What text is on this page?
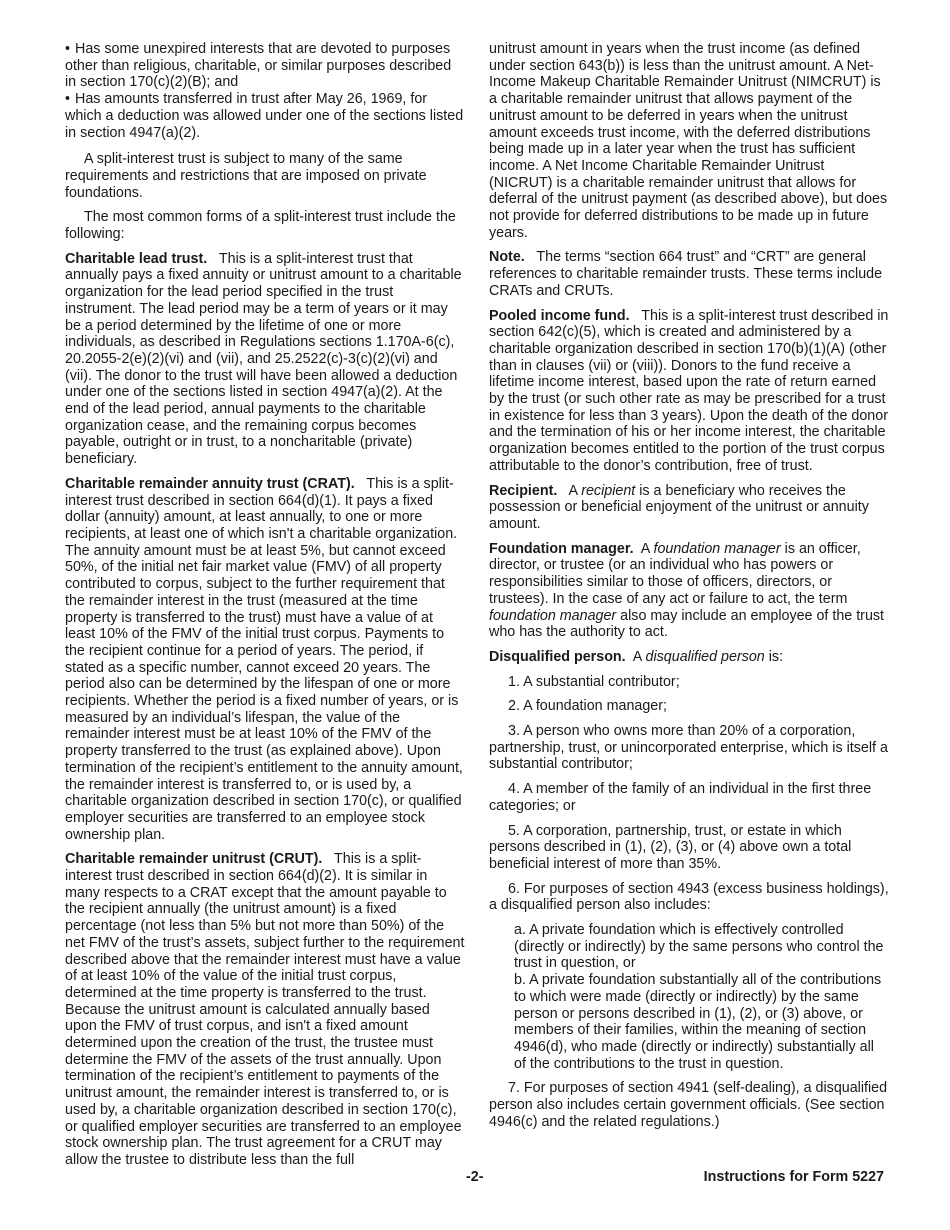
• Has some unexpired interests that are devoted to purposes other than religious, charitable, or similar purposes described in section 170(c)(2)(B); and

• Has amounts transferred in trust after May 26, 1969, for which a deduction was allowed under one of the sections listed in section 4947(a)(2).

A split-interest trust is subject to many of the same requirements and restrictions that are imposed on private foundations.

The most common forms of a split-interest trust include the following:

Charitable lead trust. This is a split-interest trust that annually pays a fixed annuity or unitrust amount to a charitable organization for the lead period specified in the trust instrument. The lead period may be a term of years or it may be a period determined by the lifetime of one or more individuals, as described in Regulations sections 1.170A-6(c), 20.2055-2(e)(2)(vi) and (vii), and 25.2522(c)-3(c)(2)(vi) and (vii). The donor to the trust will have been allowed a deduction under one of the sections listed in section 4947(a)(2). At the end of the lead period, annual payments to the charitable organization cease, and the remaining corpus becomes payable, outright or in trust, to a noncharitable (private) beneficiary.

Charitable remainder annuity trust (CRAT). This is a split-interest trust described in section 664(d)(1). It pays a fixed dollar (annuity) amount, at least annually, to one or more recipients, at least one of which isn't a charitable organization. The annuity amount must be at least 5%, but cannot exceed 50%, of the initial net fair market value (FMV) of all property contributed to corpus, subject to the further requirement that the remainder interest in the trust (measured at the time property is transferred to the trust) must have a value of at least 10% of the FMV of the initial trust corpus. Payments to the recipient continue for a period of years. The period, if stated as a specific number, cannot exceed 20 years. The period also can be determined by the lifespan of one or more recipients. Whether the period is a fixed number of years, or is measured by an individual’s lifespan, the value of the remainder interest must be at least 10% of the FMV of the property transferred to the trust (as explained above). Upon termination of the recipient’s entitlement to the annuity amount, the remainder interest is transferred to, or is used by, a charitable organization described in section 170(c), or qualified employer securities are transferred to an employee stock ownership plan.

Charitable remainder unitrust (CRUT). This is a split-interest trust described in section 664(d)(2). It is similar in many respects to a CRAT except that the amount payable to the recipient annually (the unitrust amount) is a fixed percentage (not less than 5% but not more than 50%) of the net FMV of the trust’s assets, subject further to the requirement described above that the remainder interest must have a value of at least 10% of the value of the initial trust corpus, determined at the time property is transferred to the trust. Because the unitrust amount is calculated annually based upon the FMV of trust corpus, and isn't a fixed amount determined upon the creation of the trust, the trustee must determine the FMV of the assets of the trust annually. Upon termination of the recipient’s entitlement to payments of the unitrust amount, the remainder interest is transferred to, or is used by, a charitable organization described in section 170(c), or qualified employer securities are transferred to an employee stock ownership plan. The trust agreement for a CRUT may allow the trustee to distribute less than the full

unitrust amount in years when the trust income (as defined under section 643(b)) is less than the unitrust amount. A Net-Income Makeup Charitable Remainder Unitrust (NIMCRUT) is a charitable remainder unitrust that allows payment of the unitrust amount to be deferred in years when the unitrust amount exceeds trust income, with the deferred distributions being made up in a later year when the trust has sufficient income. A Net Income Charitable Remainder Unitrust (NICRUT) is a charitable remainder unitrust that allows for deferral of the unitrust payment (as described above), but does not provide for deferred distributions to be made up in future years.

Note. The terms “section 664 trust” and “CRT” are general references to charitable remainder trusts. These terms include CRATs and CRUTs.

Pooled income fund. This is a split-interest trust described in section 642(c)(5), which is created and administered by a charitable organization described in section 170(b)(1)(A) (other than in clauses (vii) or (viii)). Donors to the fund receive a lifetime income interest, based upon the rate of return earned by the trust (or such other rate as may be prescribed for a trust in existence for less than 3 years). Upon the death of the donor and the termination of his or her income interest, the charitable organization becomes entitled to the portion of the trust corpus attributable to the donor’s contribution, free of trust.

Recipient. A recipient is a beneficiary who receives the possession or beneficial enjoyment of the unitrust or annuity amount.

Foundation manager. A foundation manager is an officer, director, or trustee (or an individual who has powers or responsibilities similar to those of officers, directors, or trustees). In the case of any act or failure to act, the term foundation manager also may include an employee of the trust who has the authority to act.

Disqualified person. A disqualified person is:

1. A substantial contributor;

2. A foundation manager;

3. A person who owns more than 20% of a corporation, partnership, trust, or unincorporated enterprise, which is itself a substantial contributor;

4. A member of the family of an individual in the first three categories; or

5. A corporation, partnership, trust, or estate in which persons described in (1), (2), (3), or (4) above own a total beneficial interest of more than 35%.

6. For purposes of section 4943 (excess business holdings), a disqualified person also includes:

a. A private foundation which is effectively controlled (directly or indirectly) by the same persons who control the trust in question, or

b. A private foundation substantially all of the contributions to which were made (directly or indirectly) by the same person or persons described in (1), (2), or (3) above, or members of their families, within the meaning of section 4946(d), who made (directly or indirectly) substantially all of the contributions to the trust in question.

7. For purposes of section 4941 (self-dealing), a disqualified person also includes certain government officials. (See section 4946(c) and the related regulations.)

-2-	Instructions for Form 5227
